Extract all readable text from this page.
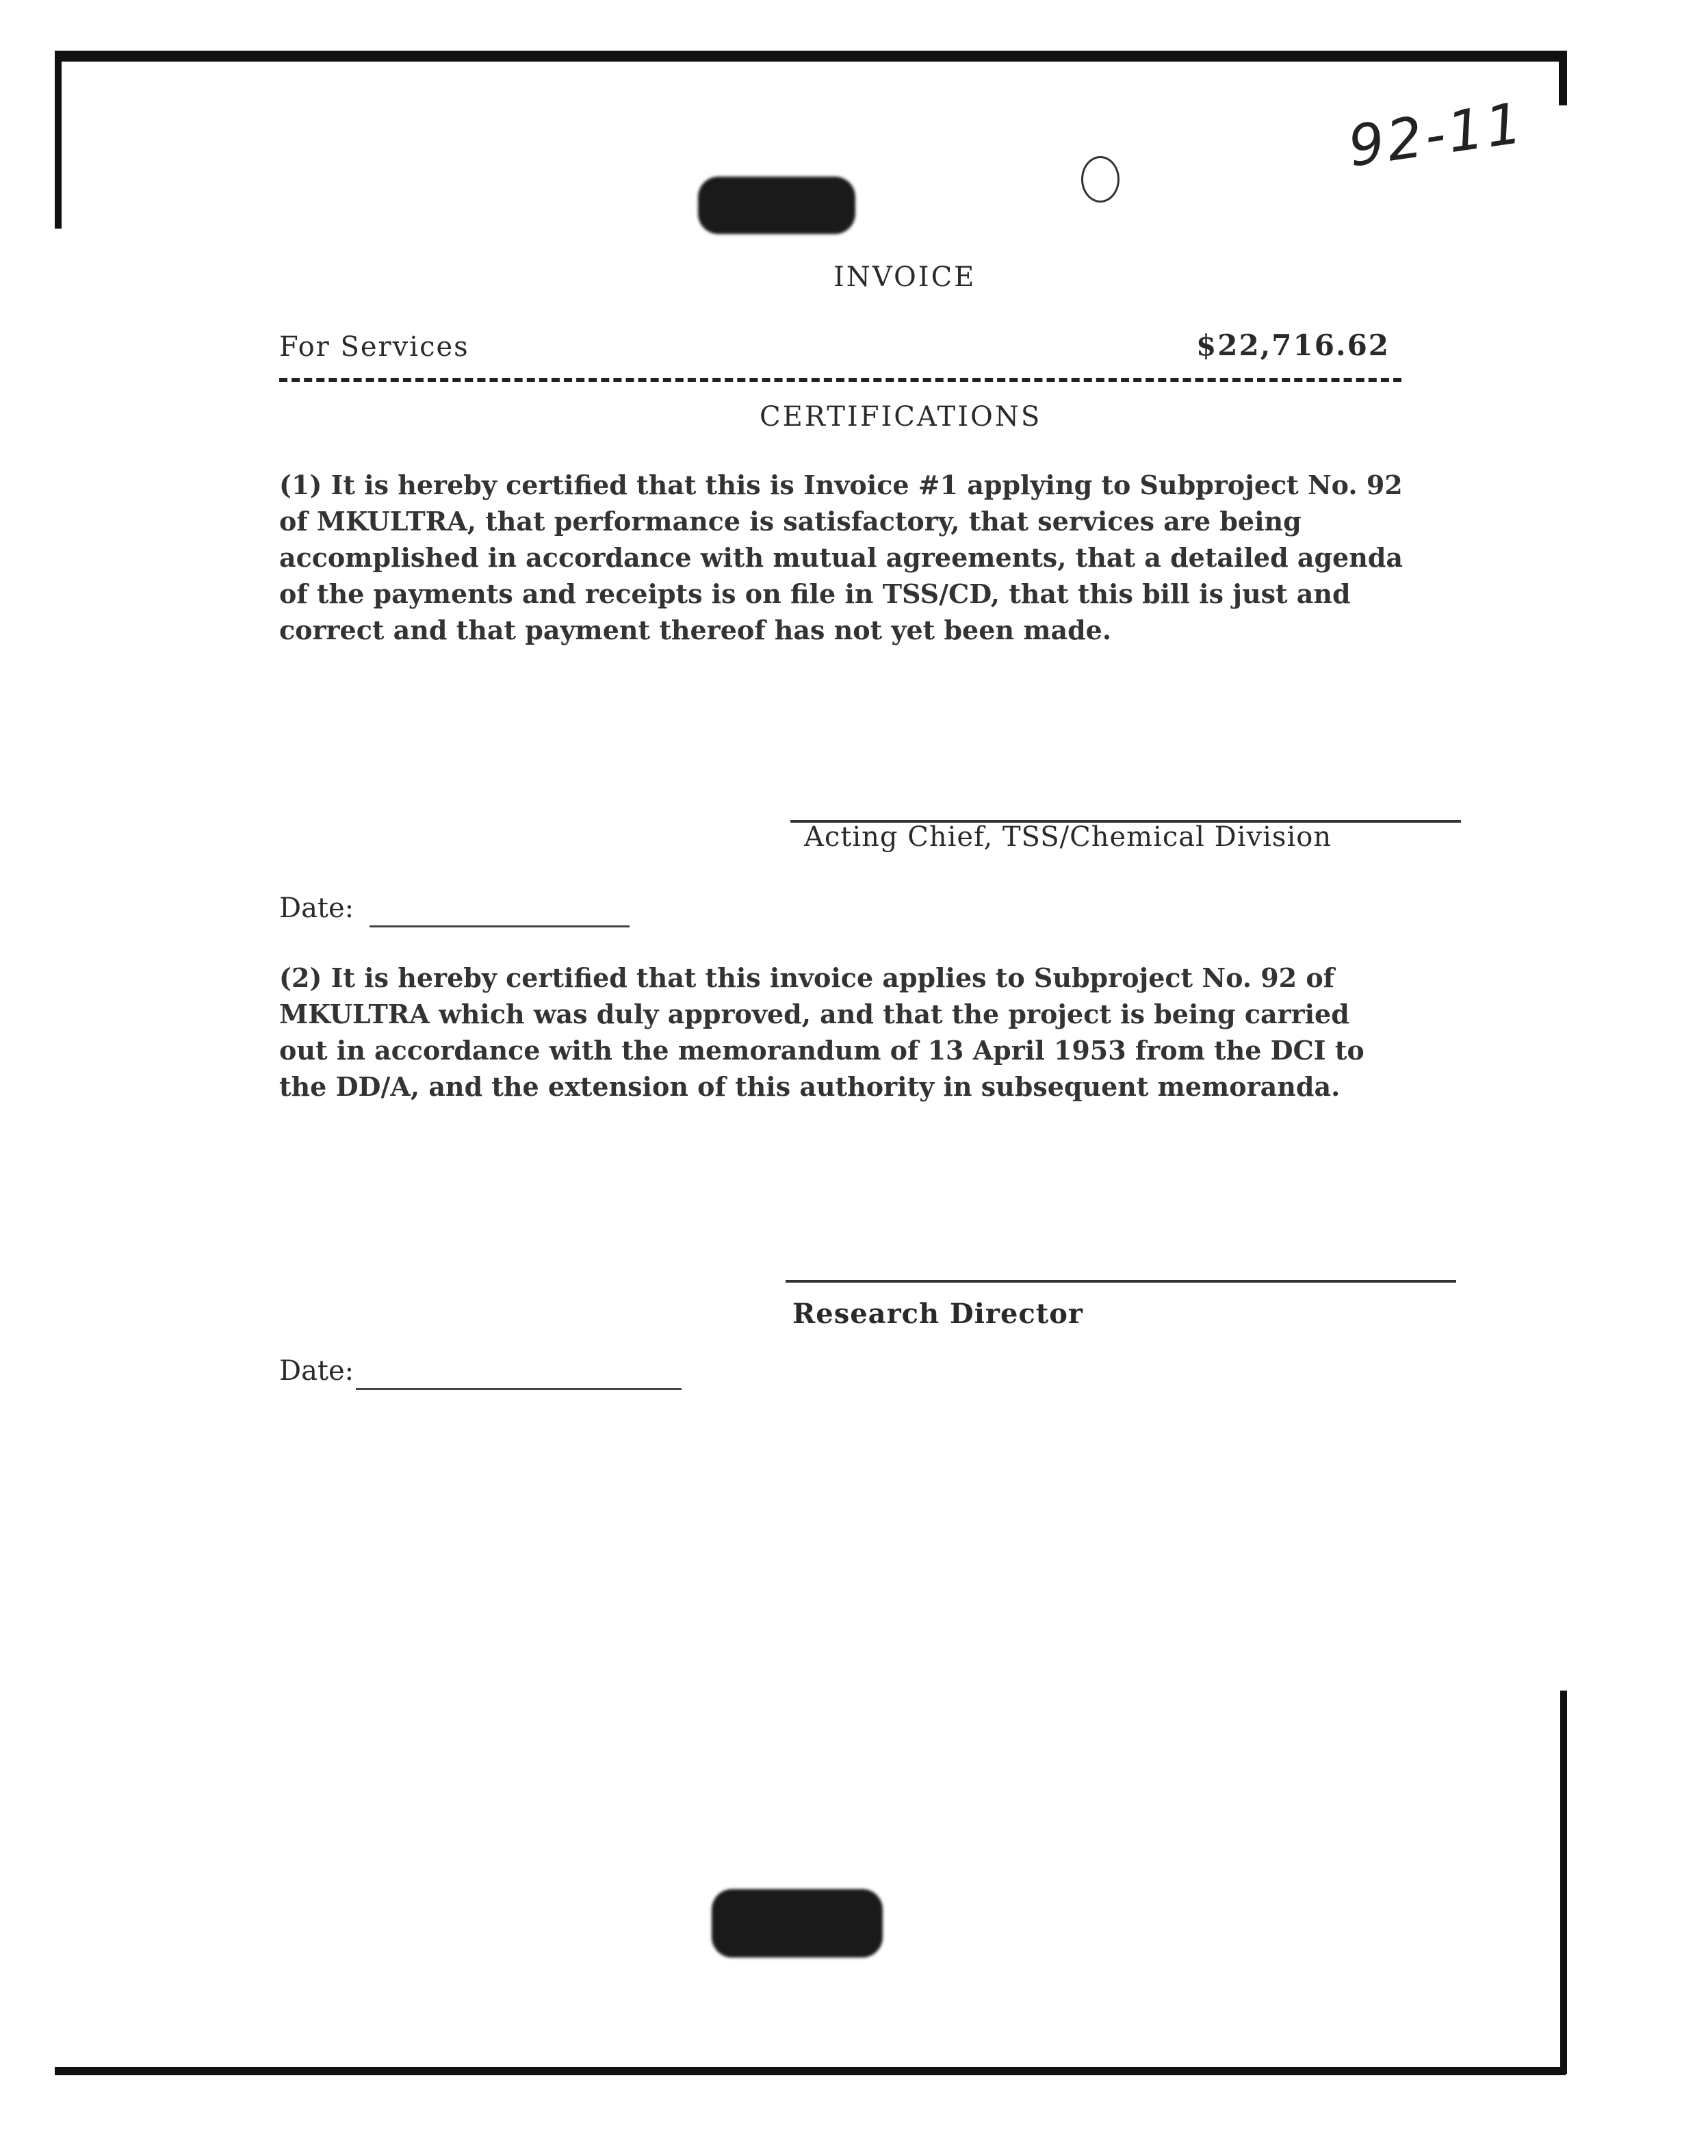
92-11
INVOICE
For Services	$22,716.62
CERTIFICATIONS
(1) It is hereby certified that this is Invoice #1 applying to Subproject No. 92
of MKULTRA, that performance is satisfactory, that services are being
accomplished in accordance with mutual agreements, that a detailed agenda
of the payments and receipts is on file in TSS/CD, that this bill is just and
correct and that payment thereof has not yet been made.
Acting Chief, TSS/Chemical Division
Date:
(2) It is hereby certified that this invoice applies to Subproject No. 92 of
MKULTRA which was duly approved, and that the project is being carried
out in accordance with the memorandum of 13 April 1953 from the DCI to
the DD/A, and the extension of this authority in subsequent memoranda.
Research Director
Date:
